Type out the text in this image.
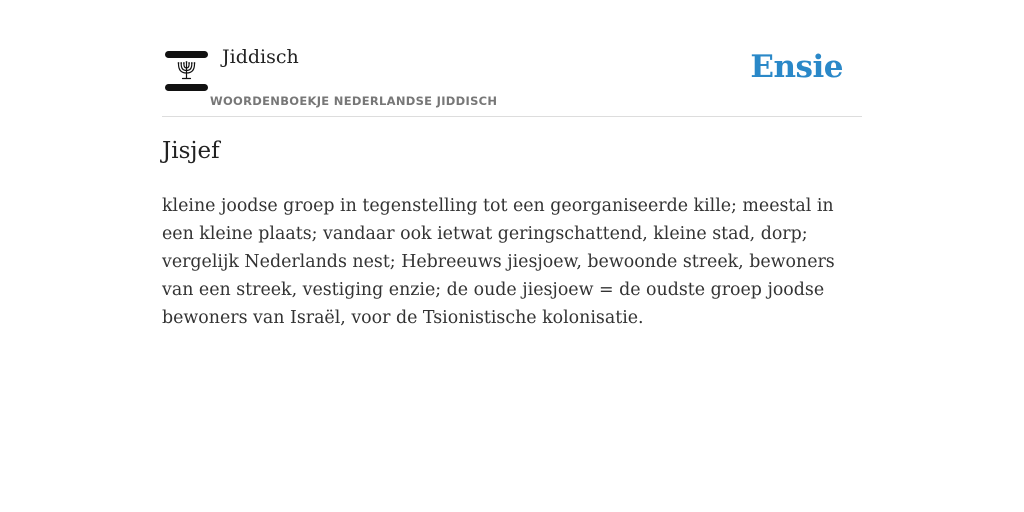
Jiddisch
WOORDENBOEKJE NEDERLANDSE JIDDISCH
Ensie
Jisjef

kleine joodse groep in tegenstelling tot een georganiseerde kille; meestal in een kleine plaats; vandaar ook ietwat geringschattend, kleine stad, dorp; vergelijk Nederlands nest; Hebreeuws jiesjoew, bewoonde streek, bewoners van een streek, vestiging enzie; de oude jiesjoew = de oudste groep joodse bewoners van Israël, voor de Tsionistische kolonisatie.
